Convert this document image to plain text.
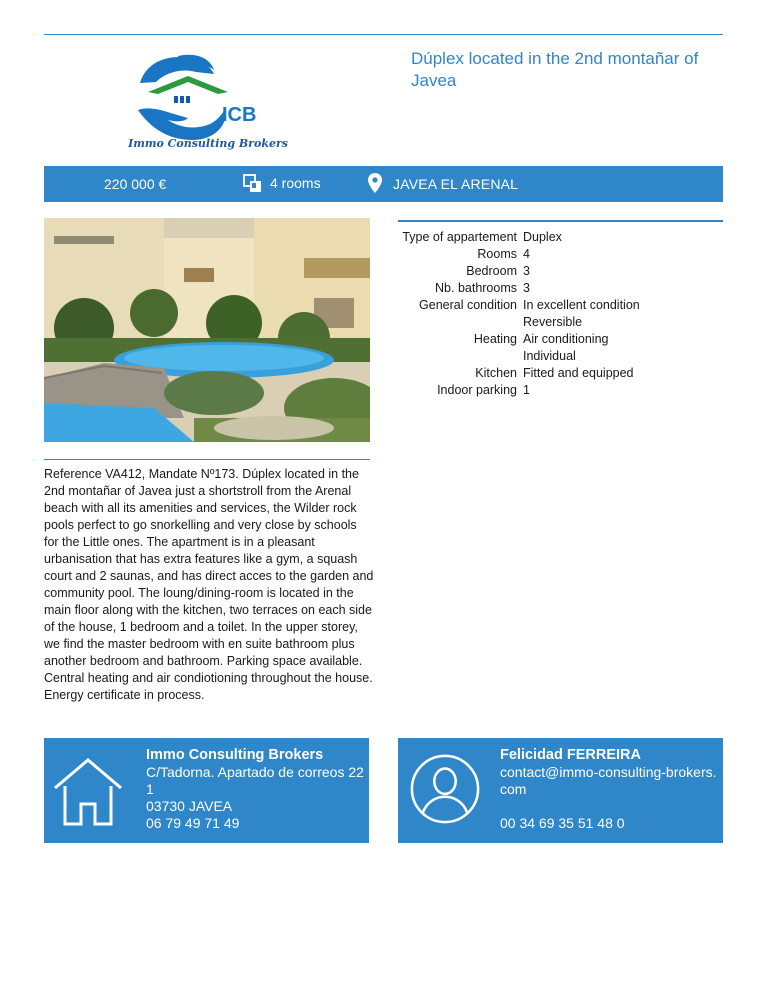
ICB
Immo Consulting Brokers
Dúplex located in the 2nd montañar of Javea
220 000 €	4 rooms	JAVEA EL ARENAL
Type of appartement	Duplex
Rooms	4
Bedroom	3
Nb. bathrooms	3
General condition	In excellent condition
	Reversible
Heating	Air conditioning
	Individual
Kitchen	Fitted and equipped
Indoor parking	1
Reference VA412, Mandate Nº173. Dúplex located in the 2nd montañar of Javea just a shortstroll from the Arenal beach with all its amenities and services, the Wilder rock pools perfect to go snorkelling and very close by schools for the Little ones. The apartment is in a pleasant urbanisation that has extra features like a gym, a squash court and 2 saunas, and has direct acces to the garden and community pool. The loung/dining-room is located in the main floor along with the kitchen, two terraces on each side of the house, 1 bedroom and a toilet. In the upper storey, we find the master bedroom with en suite bathroom plus another bedroom and bathroom. Parking space available. Central heating and air condiotioning throughout the house. Energy certificate in process.
Immo Consulting Brokers
C/Tadorna. Apartado de correos 221
03730 JAVEA
06 79 49 71 49
Felicidad FERREIRA
contact@immo-consulting-brokers.com
00 34 69 35 51 48 0
